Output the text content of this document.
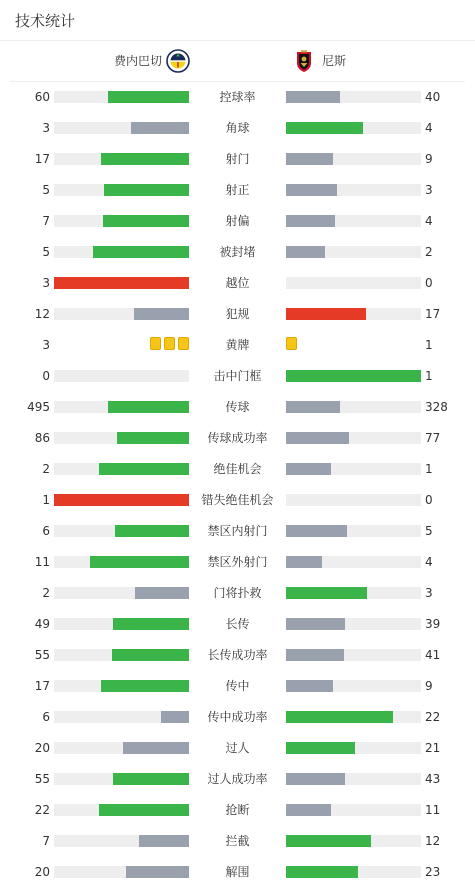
技术统计
费内巴切	尼斯
60	控球率	40
3	角球	4
17	射门	9
5	射正	3
7	射偏	4
5	被封堵	2
3	越位	0
12	犯规	17
3	黄牌	1
0	击中门框	1
495	传球	328
86	传球成功率	77
2	绝佳机会	1
1	错失绝佳机会	0
6	禁区内射门	5
11	禁区外射门	4
2	门将扑救	3
49	长传	39
55	长传成功率	41
17	传中	9
6	传中成功率	22
20	过人	21
55	过人成功率	43
22	抢断	11
7	拦截	12
20	解围	23
